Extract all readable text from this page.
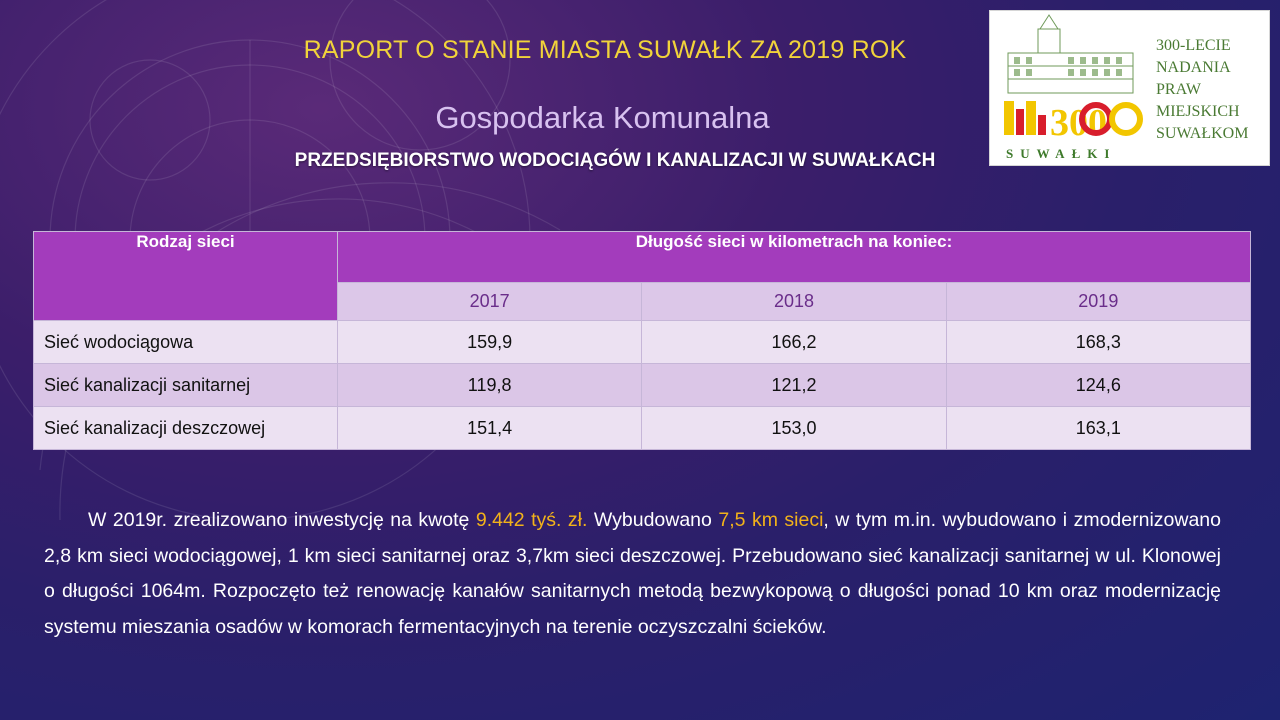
RAPORT O STANIE MIASTA SUWAŁK ZA 2019 ROK
Gospodarka Komunalna
PRZEDSIĘBIORSTWO WODOCIĄGÓW I KANALIZACJI W SUWAŁKACH
300
300-LECIE
NADANIA
PRAW
MIEJSKICH
SUWAŁKOM
SUWAŁKI
Rodzaj sieci	Długość sieci w kilometrach na koniec:		
	2017	2018	2019
Sieć wodociągowa	159,9	166,2	168,3
Sieć kanalizacji sanitarnej	119,8	121,2	124,6
Sieć kanalizacji deszczowej	151,4	153,0	163,1
W 2019r. zrealizowano inwestycję na kwotę 9.442 tyś. zł. Wybudowano 7,5 km sieci, w tym m.in. wybudowano i zmodernizowano 2,8 km sieci wodociągowej, 1 km sieci sanitarnej oraz 3,7km sieci deszczowej. Przebudowano sieć kanalizacji sanitarnej w ul. Klonowej o długości 1064m. Rozpoczęto też renowację kanałów sanitarnych metodą bezwykopową o długości ponad 10 km oraz modernizację systemu mieszania osadów w komorach fermentacyjnych na terenie oczyszczalni ścieków.
